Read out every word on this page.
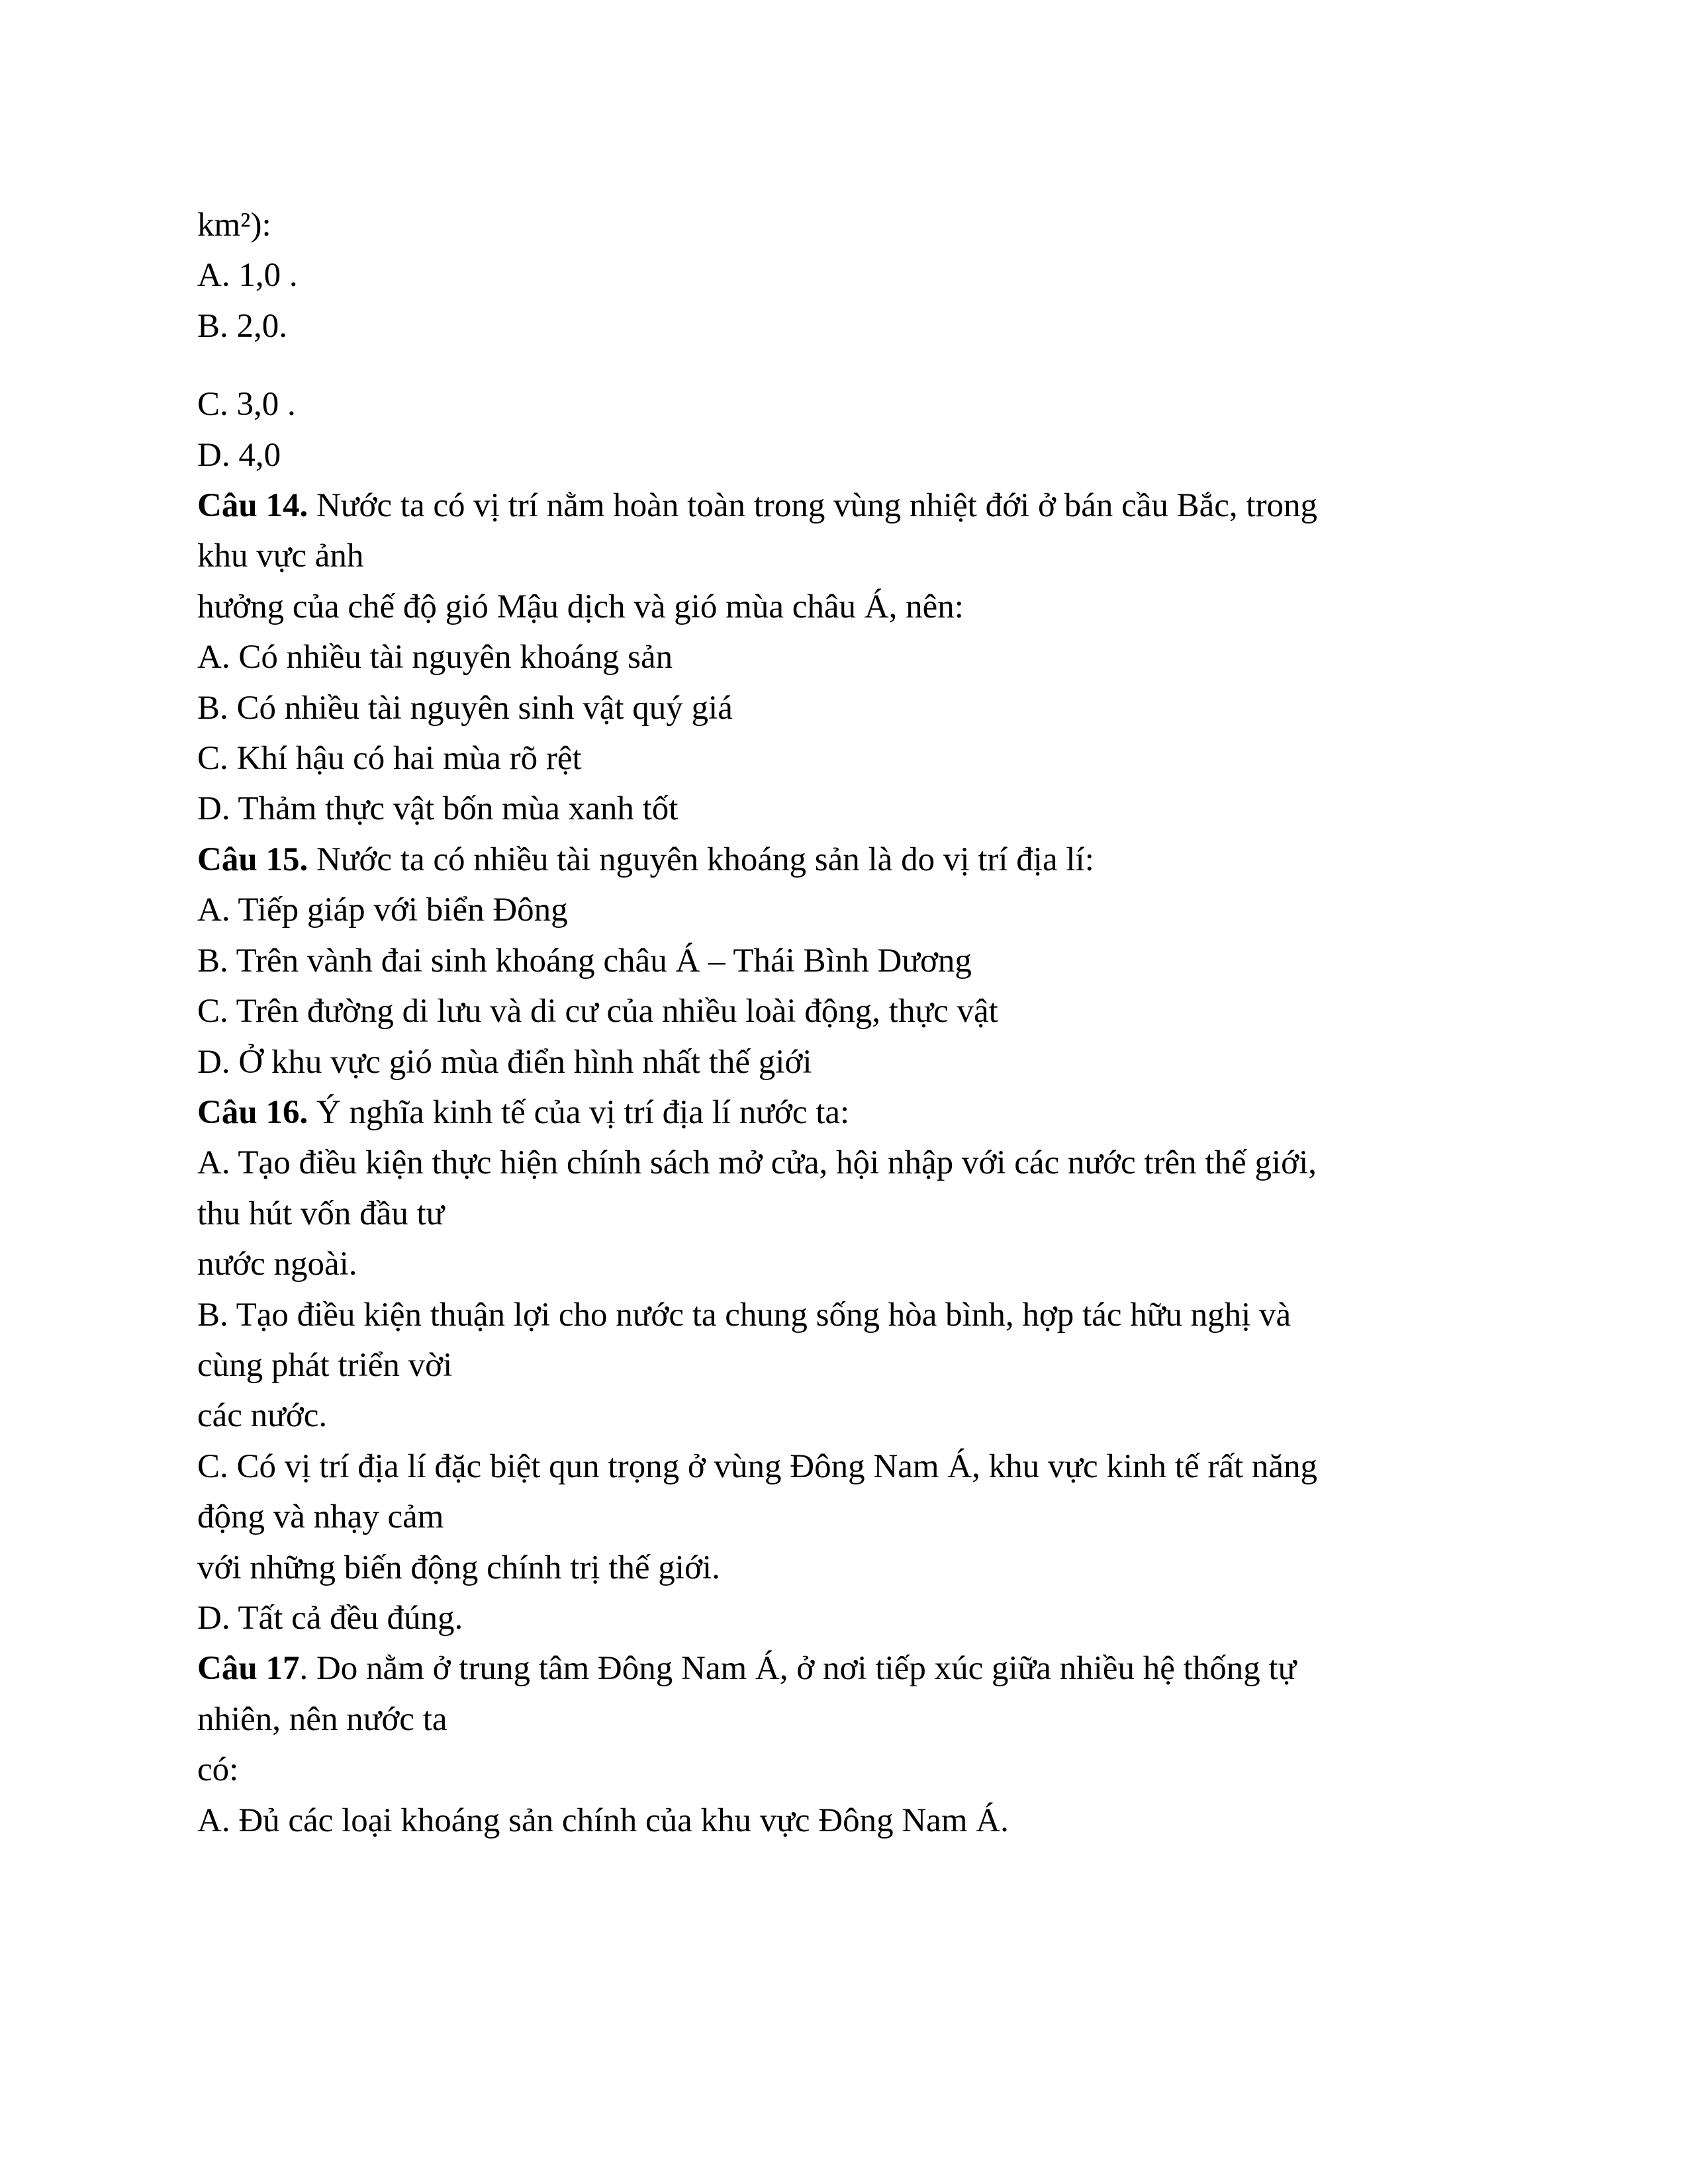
km²):
A. 1,0 .
B. 2,0.
C. 3,0 .
D. 4,0
Câu 14. Nước ta có vị trí nằm hoàn toàn trong vùng nhiệt đới ở bán cầu Bắc, trong
khu vực ảnh
hưởng của chế độ gió Mậu dịch và gió mùa châu Á, nên:
A. Có nhiều tài nguyên khoáng sản
B. Có nhiều tài nguyên sinh vật quý giá
C. Khí hậu có hai mùa rõ rệt
D. Thảm thực vật bốn mùa xanh tốt
Câu 15. Nước ta có nhiều tài nguyên khoáng sản là do vị trí địa lí:
A. Tiếp giáp với biển Đông
B. Trên vành đai sinh khoáng châu Á – Thái Bình Dương
C. Trên đường di lưu và di cư của nhiều loài động, thực vật
D. Ở khu vực gió mùa điển hình nhất thế giới
Câu 16. Ý nghĩa kinh tế của vị trí địa lí nước ta:
A. Tạo điều kiện thực hiện chính sách mở cửa, hội nhập với các nước trên thế giới,
thu hút vốn đầu tư
nước ngoài.
B. Tạo điều kiện thuận lợi cho nước ta chung sống hòa bình, hợp tác hữu nghị và
cùng phát triển vời
các nước.
C. Có vị trí địa lí đặc biệt qun trọng ở vùng Đông Nam Á, khu vực kinh tế rất năng
động và nhạy cảm
với những biến động chính trị thế giới.
D. Tất cả đều đúng.
Câu 17. Do nằm ở trung tâm Đông Nam Á, ở nơi tiếp xúc giữa nhiều hệ thống tự
nhiên, nên nước ta
có:
A. Đủ các loại khoáng sản chính của khu vực Đông Nam Á.
